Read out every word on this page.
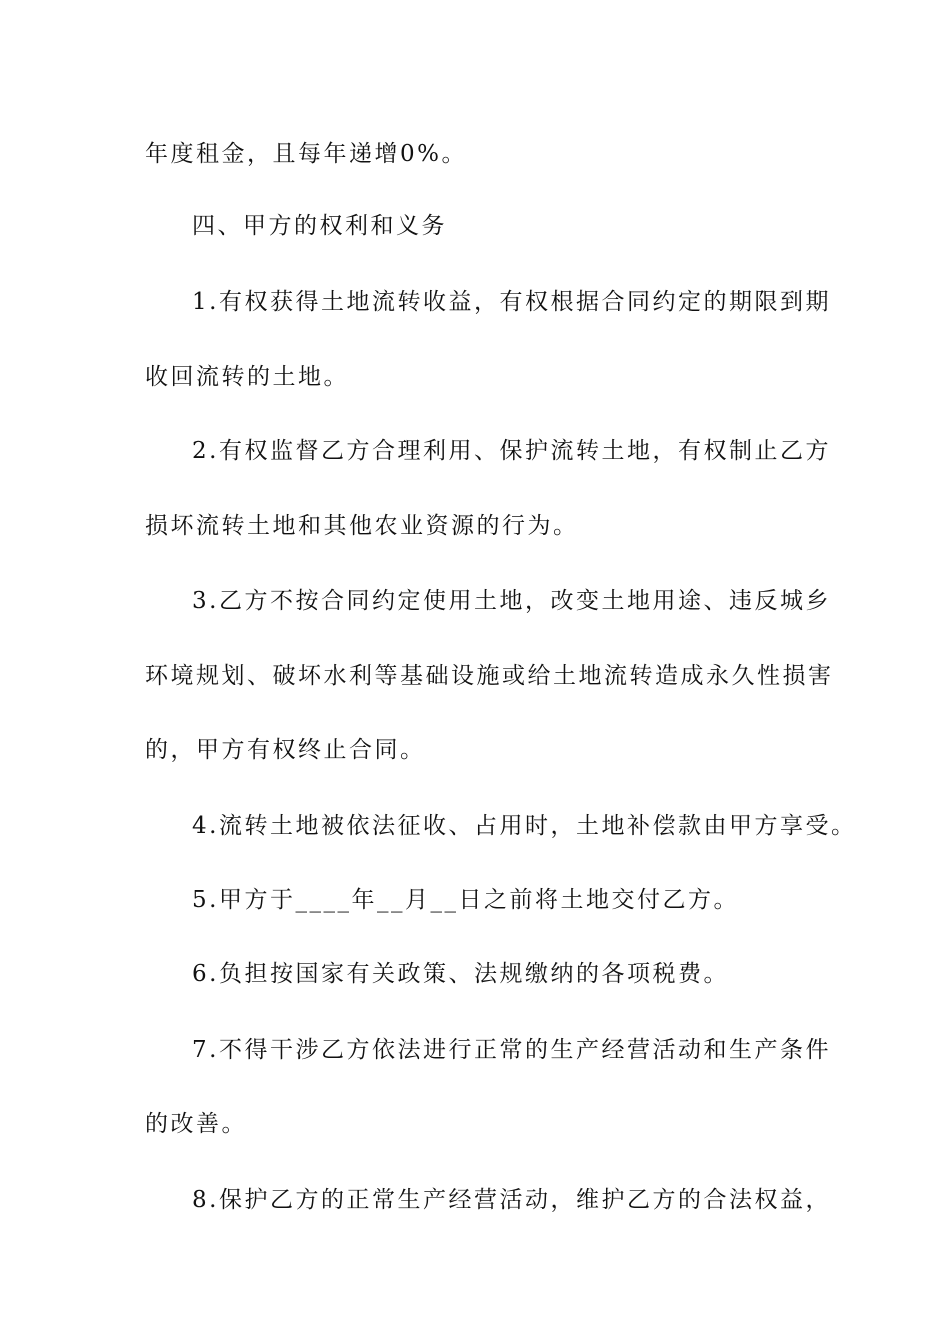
年度租金，且每年递增0%。
四、甲方的权利和义务
1.有权获得土地流转收益，有权根据合同约定的期限到期
收回流转的土地。
2.有权监督乙方合理利用、保护流转土地，有权制止乙方
损坏流转土地和其他农业资源的行为。
3.乙方不按合同约定使用土地，改变土地用途、违反城乡
环境规划、破坏水利等基础设施或给土地流转造成永久性损害
的，甲方有权终止合同。
4.流转土地被依法征收、占用时，土地补偿款由甲方享受。
5.甲方于____年__月__日之前将土地交付乙方。
6.负担按国家有关政策、法规缴纳的各项税费。
7.不得干涉乙方依法进行正常的生产经营活动和生产条件
的改善。
8.保护乙方的正常生产经营活动，维护乙方的合法权益，
